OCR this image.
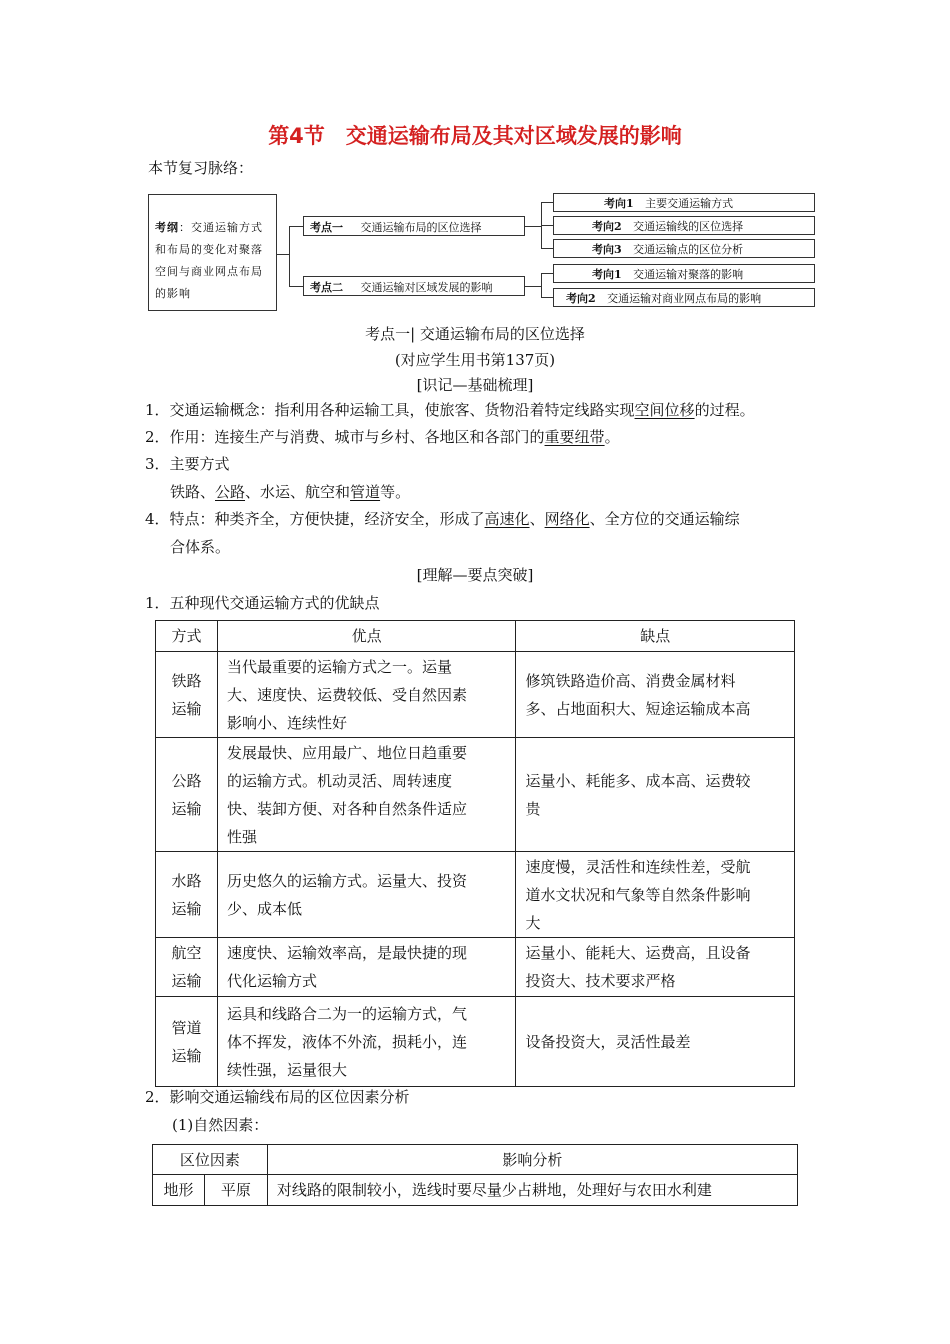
第4节　交通运输布局及其对区域发展的影响
本节复习脉络：
考纲：交通运输方式和布局的变化对聚落空间与商业网点布局的影响
考点一 交通运输布局的区位选择
考点二 交通运输对区域发展的影响
考向1 主要交通运输方式
考向2 交通运输线的区位选择
考向3 交通运输点的区位分析
考向1 交通运输对聚落的影响
考向2 交通运输对商业网点布局的影响
考点一| 交通运输布局的区位选择
(对应学生用书第137页)
[识记—基础梳理]
1．交通运输概念：指利用各种运输工具，使旅客、货物沿着特定线路实现空间位移的过程。
2．作用：连接生产与消费、城市与乡村、各地区和各部门的重要纽带。
3．主要方式
铁路、公路、水运、航空和管道等。
4．特点：种类齐全，方便快捷，经济安全，形成了高速化、网络化、全方位的交通运输综
合体系。
[理解—要点突破]
1．五种现代交通运输方式的优缺点
方式	优点	缺点
铁路
运输	当代最重要的运输方式之一。运量
大、速度快、运费较低、受自然因素
影响小、连续性好	修筑铁路造价高、消费金属材料
多、占地面积大、短途运输成本高
公路
运输	发展最快、应用最广、地位日趋重要
的运输方式。机动灵活、周转速度
快、装卸方便、对各种自然条件适应
性强	运量小、耗能多、成本高、运费较
贵
水路
运输	历史悠久的运输方式。运量大、投资
少、成本低	速度慢，灵活性和连续性差，受航
道水文状况和气象等自然条件影响
大
航空
运输	速度快、运输效率高，是最快捷的现
代化运输方式	运量小、能耗大、运费高，且设备
投资大、技术要求严格
管道
运输	运具和线路合二为一的运输方式，气
体不挥发，液体不外流，损耗小，连
续性强，运量很大	设备投资大，灵活性最差
2．影响交通运输线布局的区位因素分析
(1)自然因素：
区位因素		影响分析
地形	平原	对线路的限制较小，选线时要尽量少占耕地，处理好与农田水利建
